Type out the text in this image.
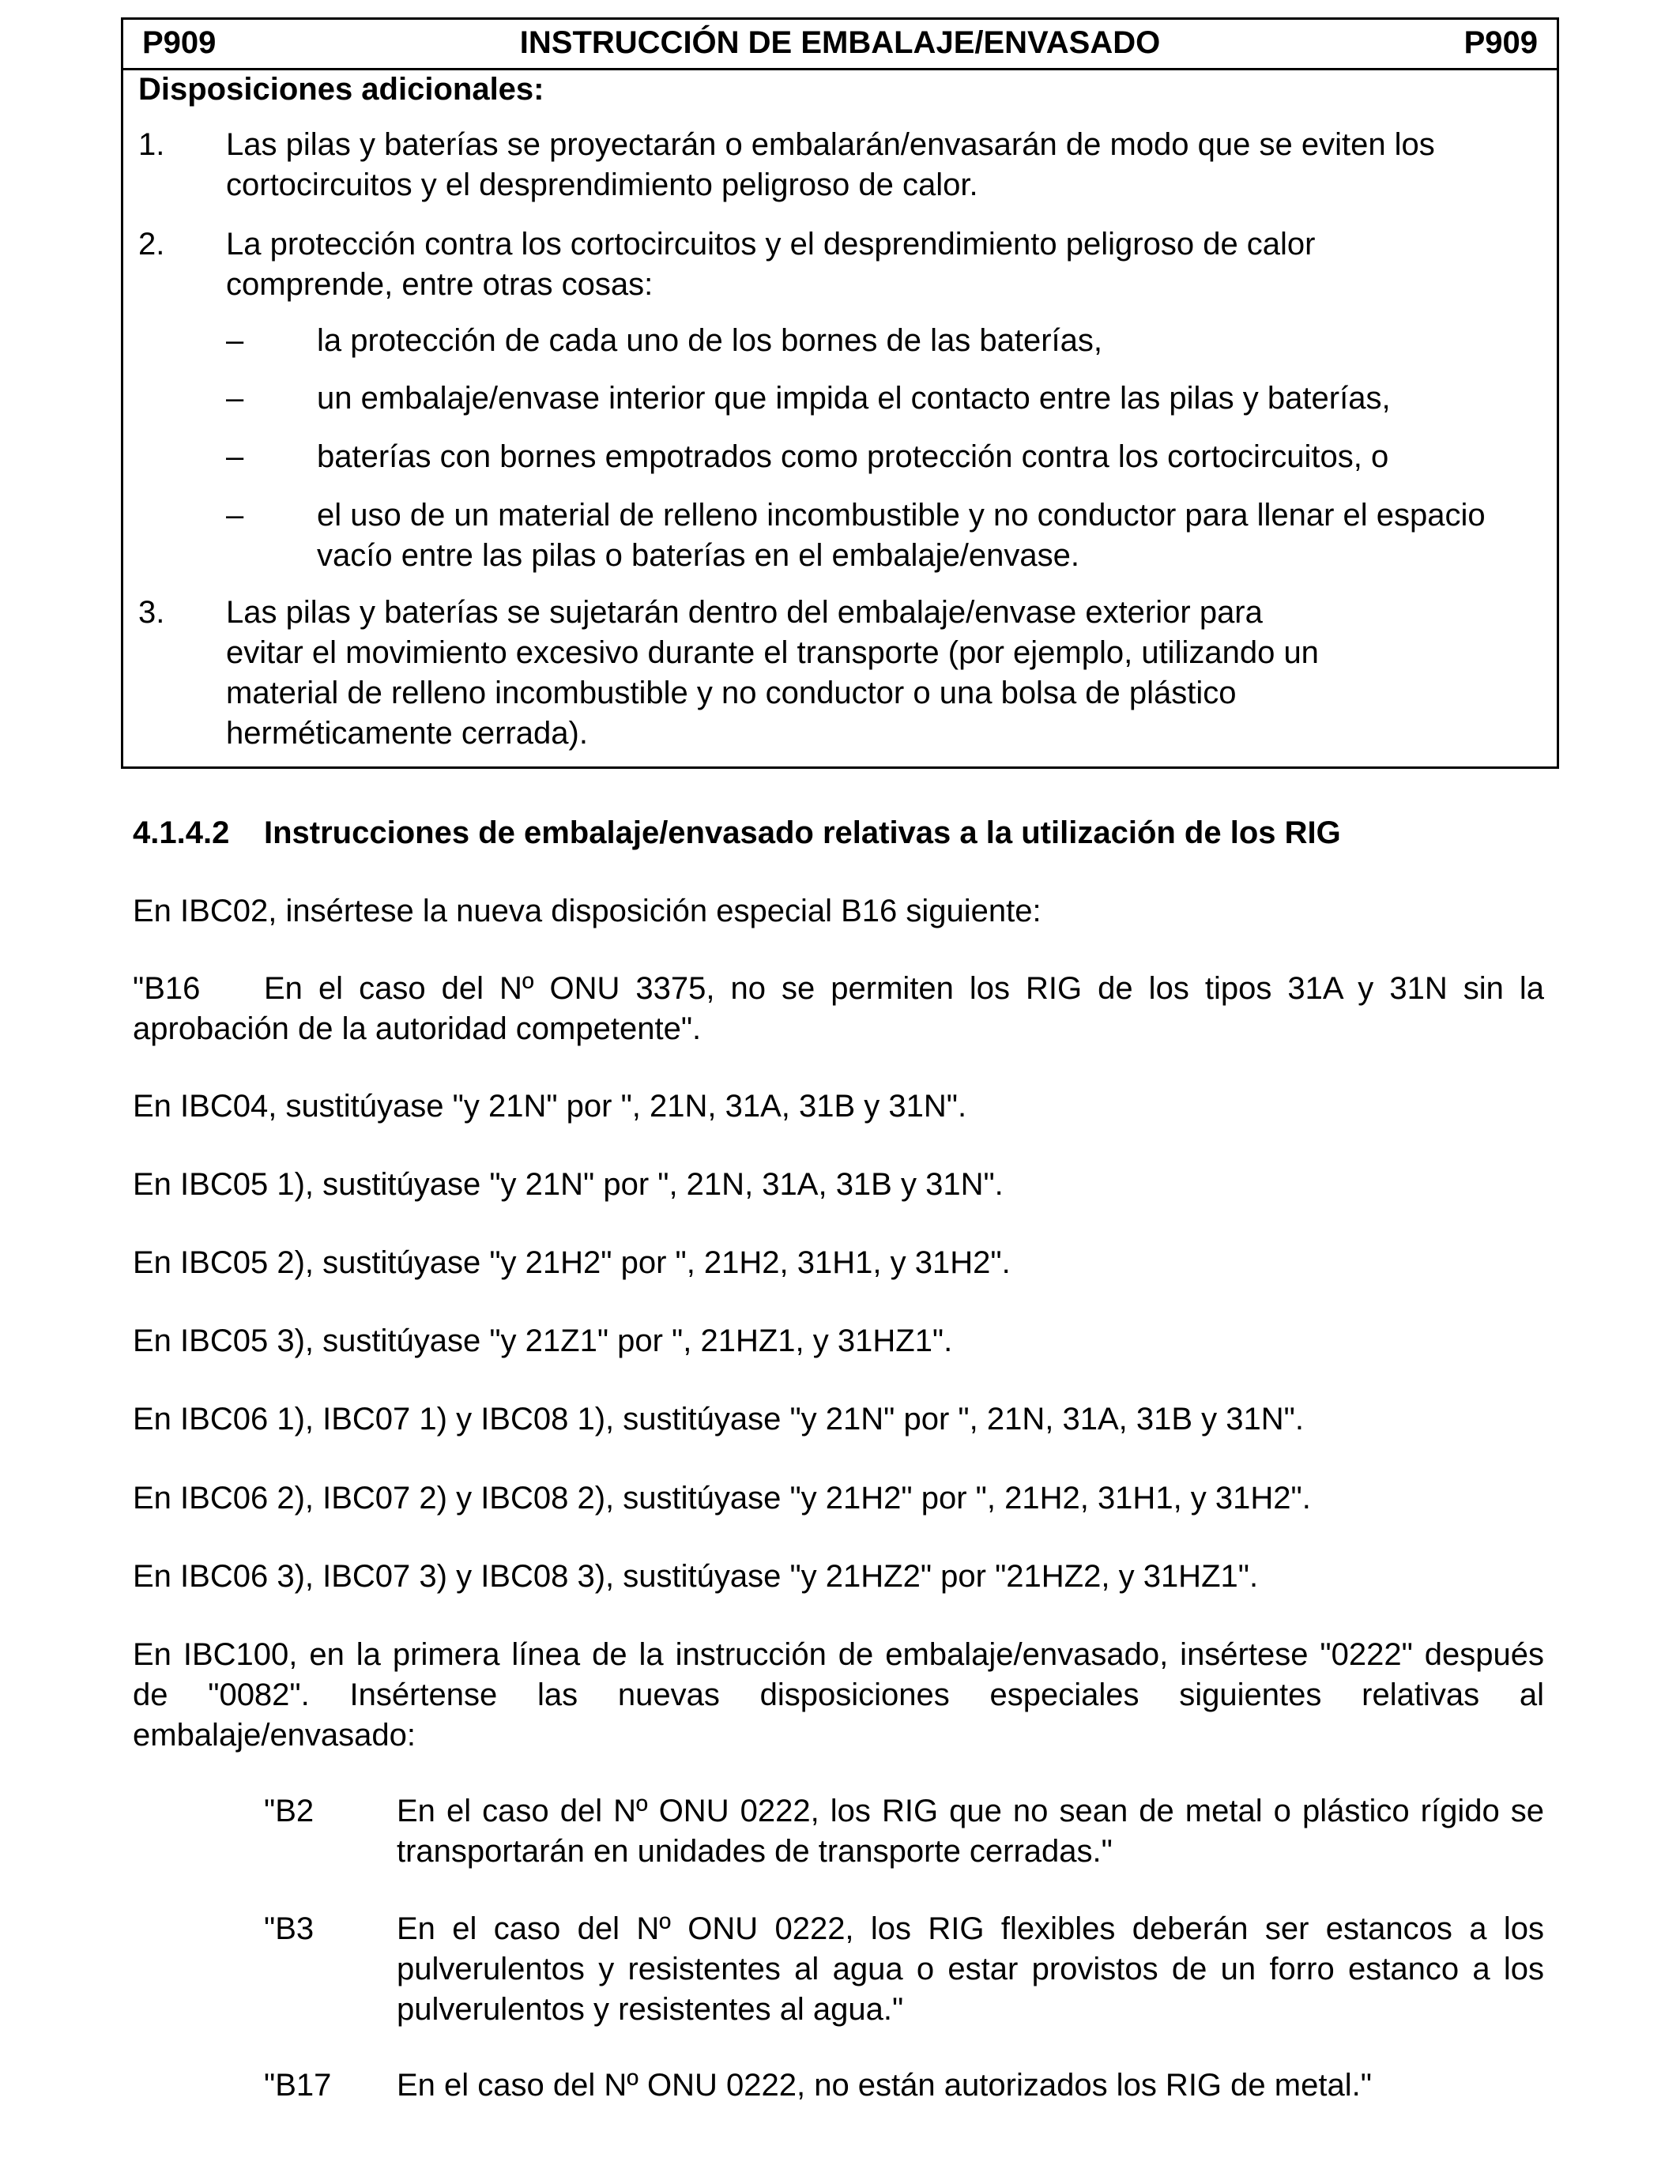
P909	INSTRUCCIÓN DE EMBALAJE/ENVASADO	P909
Disposiciones adicionales:
1. Las pilas y baterías se proyectarán o embalarán/envasarán de modo que se eviten los cortocircuitos y el desprendimiento peligroso de calor.
2. La protección contra los cortocircuitos y el desprendimiento peligroso de calor comprende, entre otras cosas:
– la protección de cada uno de los bornes de las baterías,
– un embalaje/envase interior que impida el contacto entre las pilas y baterías,
– baterías con bornes empotrados como protección contra los cortocircuitos, o
– el uso de un material de relleno incombustible y no conductor para llenar el espacio vacío entre las pilas o baterías en el embalaje/envase.
3. Las pilas y baterías se sujetarán dentro del embalaje/envase exterior para evitar el movimiento excesivo durante el transporte (por ejemplo, utilizando un material de relleno incombustible y no conductor o una bolsa de plástico herméticamente cerrada).
4.1.4.2 Instrucciones de embalaje/envasado relativas a la utilización de los RIG
En IBC02, insértese la nueva disposición especial B16 siguiente:
"B16 En el caso del Nº ONU 3375, no se permiten los RIG de los tipos 31A y 31N sin la aprobación de la autoridad competente".
En IBC04, sustitúyase "y 21N" por ", 21N, 31A, 31B y 31N".
En IBC05 1), sustitúyase "y 21N" por ", 21N, 31A, 31B y 31N".
En IBC05 2), sustitúyase "y 21H2" por ", 21H2, 31H1, y 31H2".
En IBC05 3), sustitúyase "y 21Z1" por ", 21HZ1, y 31HZ1".
En IBC06 1), IBC07 1) y IBC08 1), sustitúyase "y 21N" por ", 21N, 31A, 31B y 31N".
En IBC06 2), IBC07 2) y IBC08 2), sustitúyase "y 21H2" por ", 21H2, 31H1, y 31H2".
En IBC06 3), IBC07 3) y IBC08 3), sustitúyase "y 21HZ2" por "21HZ2, y 31HZ1".
En IBC100, en la primera línea de la instrucción de embalaje/envasado, insértese "0222" después de "0082". Insértense las nuevas disposiciones especiales siguientes relativas al embalaje/envasado:
"B2	En el caso del Nº ONU 0222, los RIG que no sean de metal o plástico rígido se transportarán en unidades de transporte cerradas."
"B3	En el caso del Nº ONU 0222, los RIG flexibles deberán ser estancos a los pulverulentos y resistentes al agua o estar provistos de un forro estanco a los pulverulentos y resistentes al agua."
"B17 En el caso del Nº ONU 0222, no están autorizados los RIG de metal."
